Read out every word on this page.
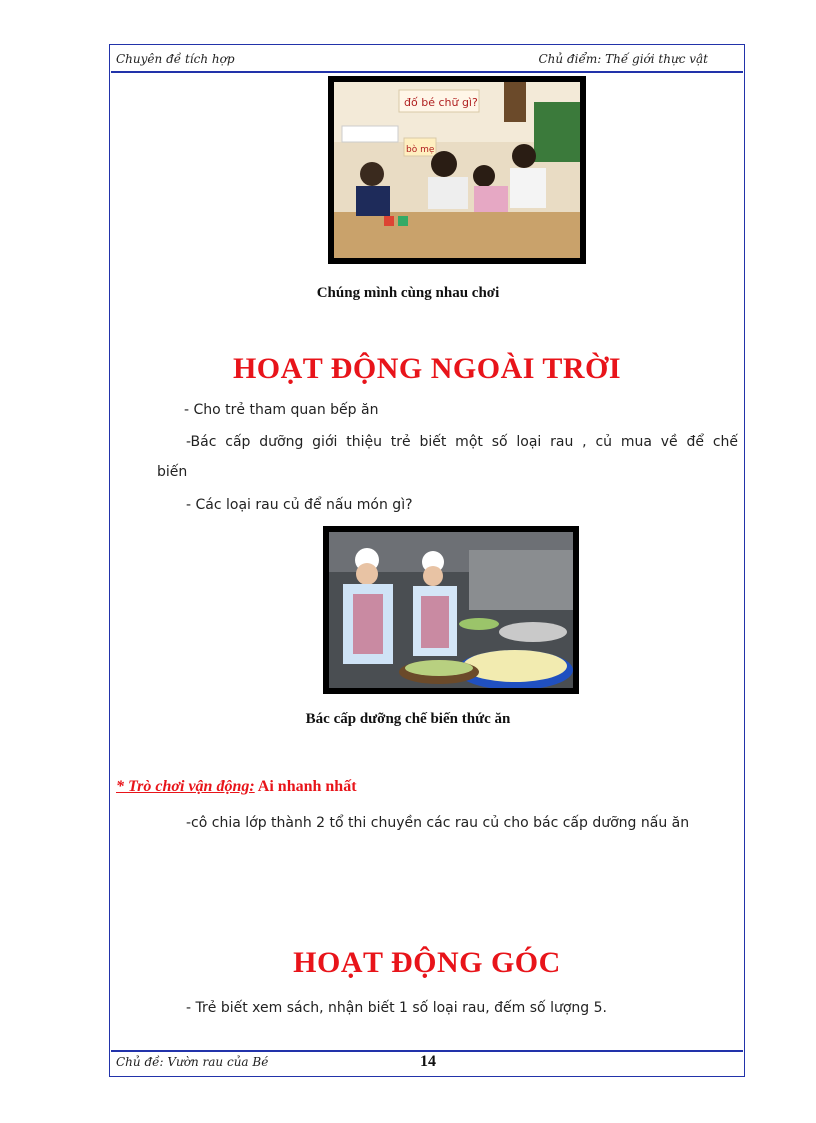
Chuyên đề tích hợp	Chủ điểm: Thế giới thực vật
đố bé chữ gì?
bò mẹ
Chúng mình cùng nhau chơi
HOẠT ĐỘNG NGOÀI TRỜI
- Cho trẻ tham quan bếp ăn
-Bác cấp dưỡng giới thiệu trẻ biết một số loại rau , củ mua về để chế
biến
- Các loại rau củ để nấu món gì?
Bác cấp dưỡng chế biến thức ăn
* Trò chơi vận động: Ai nhanh nhất
-cô chia lớp thành 2 tổ thi chuyền các rau củ cho bác cấp dưỡng nấu ăn
HOẠT ĐỘNG GÓC
- Trẻ biết xem sách, nhận biết 1 số loại rau, đếm số lượng 5.
Chủ đề: Vườn rau của Bé	14
